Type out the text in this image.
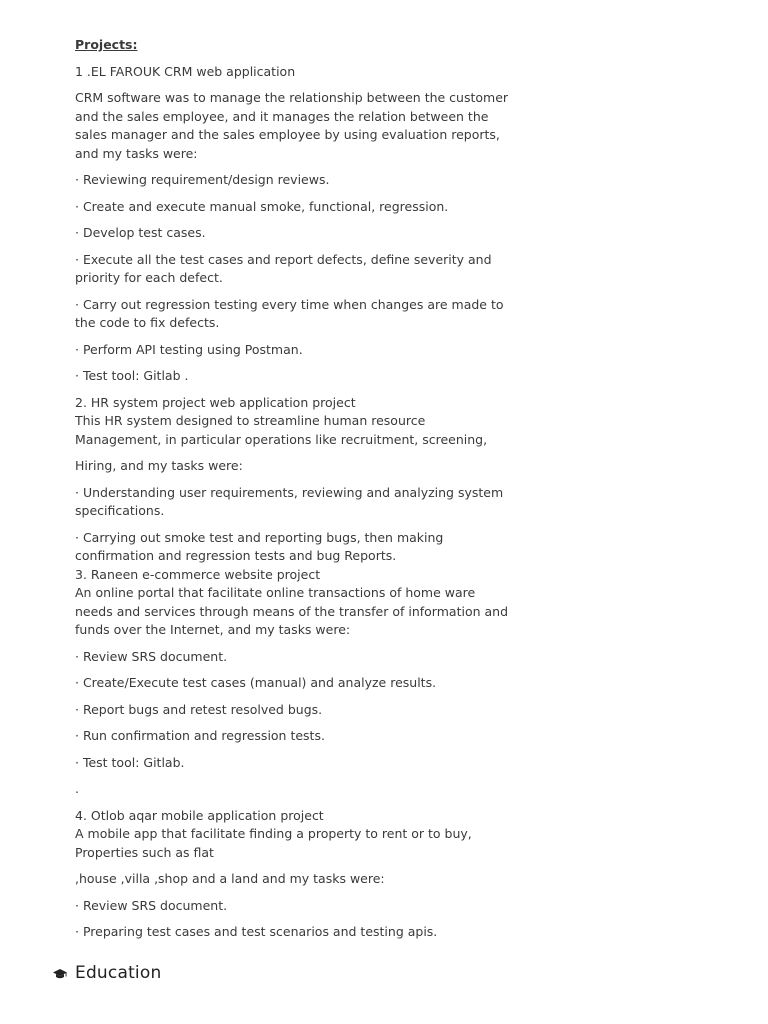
Projects:

1 .EL FAROUK CRM web application

CRM software was to manage the relationship between the customer and the sales employee, and it manages the relation between the sales manager and the sales employee by using evaluation reports, and my tasks were:

· Reviewing requirement/design reviews.

· Create and execute manual smoke, functional, regression.

· Develop test cases.

· Execute all the test cases and report defects, define severity and priority for each defect.

· Carry out regression testing every time when changes are made to the code to fix defects.

· Perform API testing using Postman.

· Test tool: Gitlab .

2. HR system project web application project

This HR system designed to streamline human resource Management, in particular operations like recruitment, screening,

Hiring, and my tasks were:

· Understanding user requirements, reviewing and analyzing system specifications.

· Carrying out smoke test and reporting bugs, then making confirmation and regression tests and bug Reports.

3. Raneen e-commerce website project

An online portal that facilitate online transactions of home ware needs and services through means of the transfer of information and funds over the Internet, and my tasks were:

· Review SRS document.

· Create/Execute test cases (manual) and analyze results.

· Report bugs and retest resolved bugs.

· Run confirmation and regression tests.

· Test tool: Gitlab.

.

4. Otlob aqar mobile application project

A mobile app that facilitate finding a property to rent or to buy, Properties such as flat

,house ,villa ,shop and a land and my tasks were:

· Review SRS document.

· Preparing test cases and test scenarios and testing apis.

Education
